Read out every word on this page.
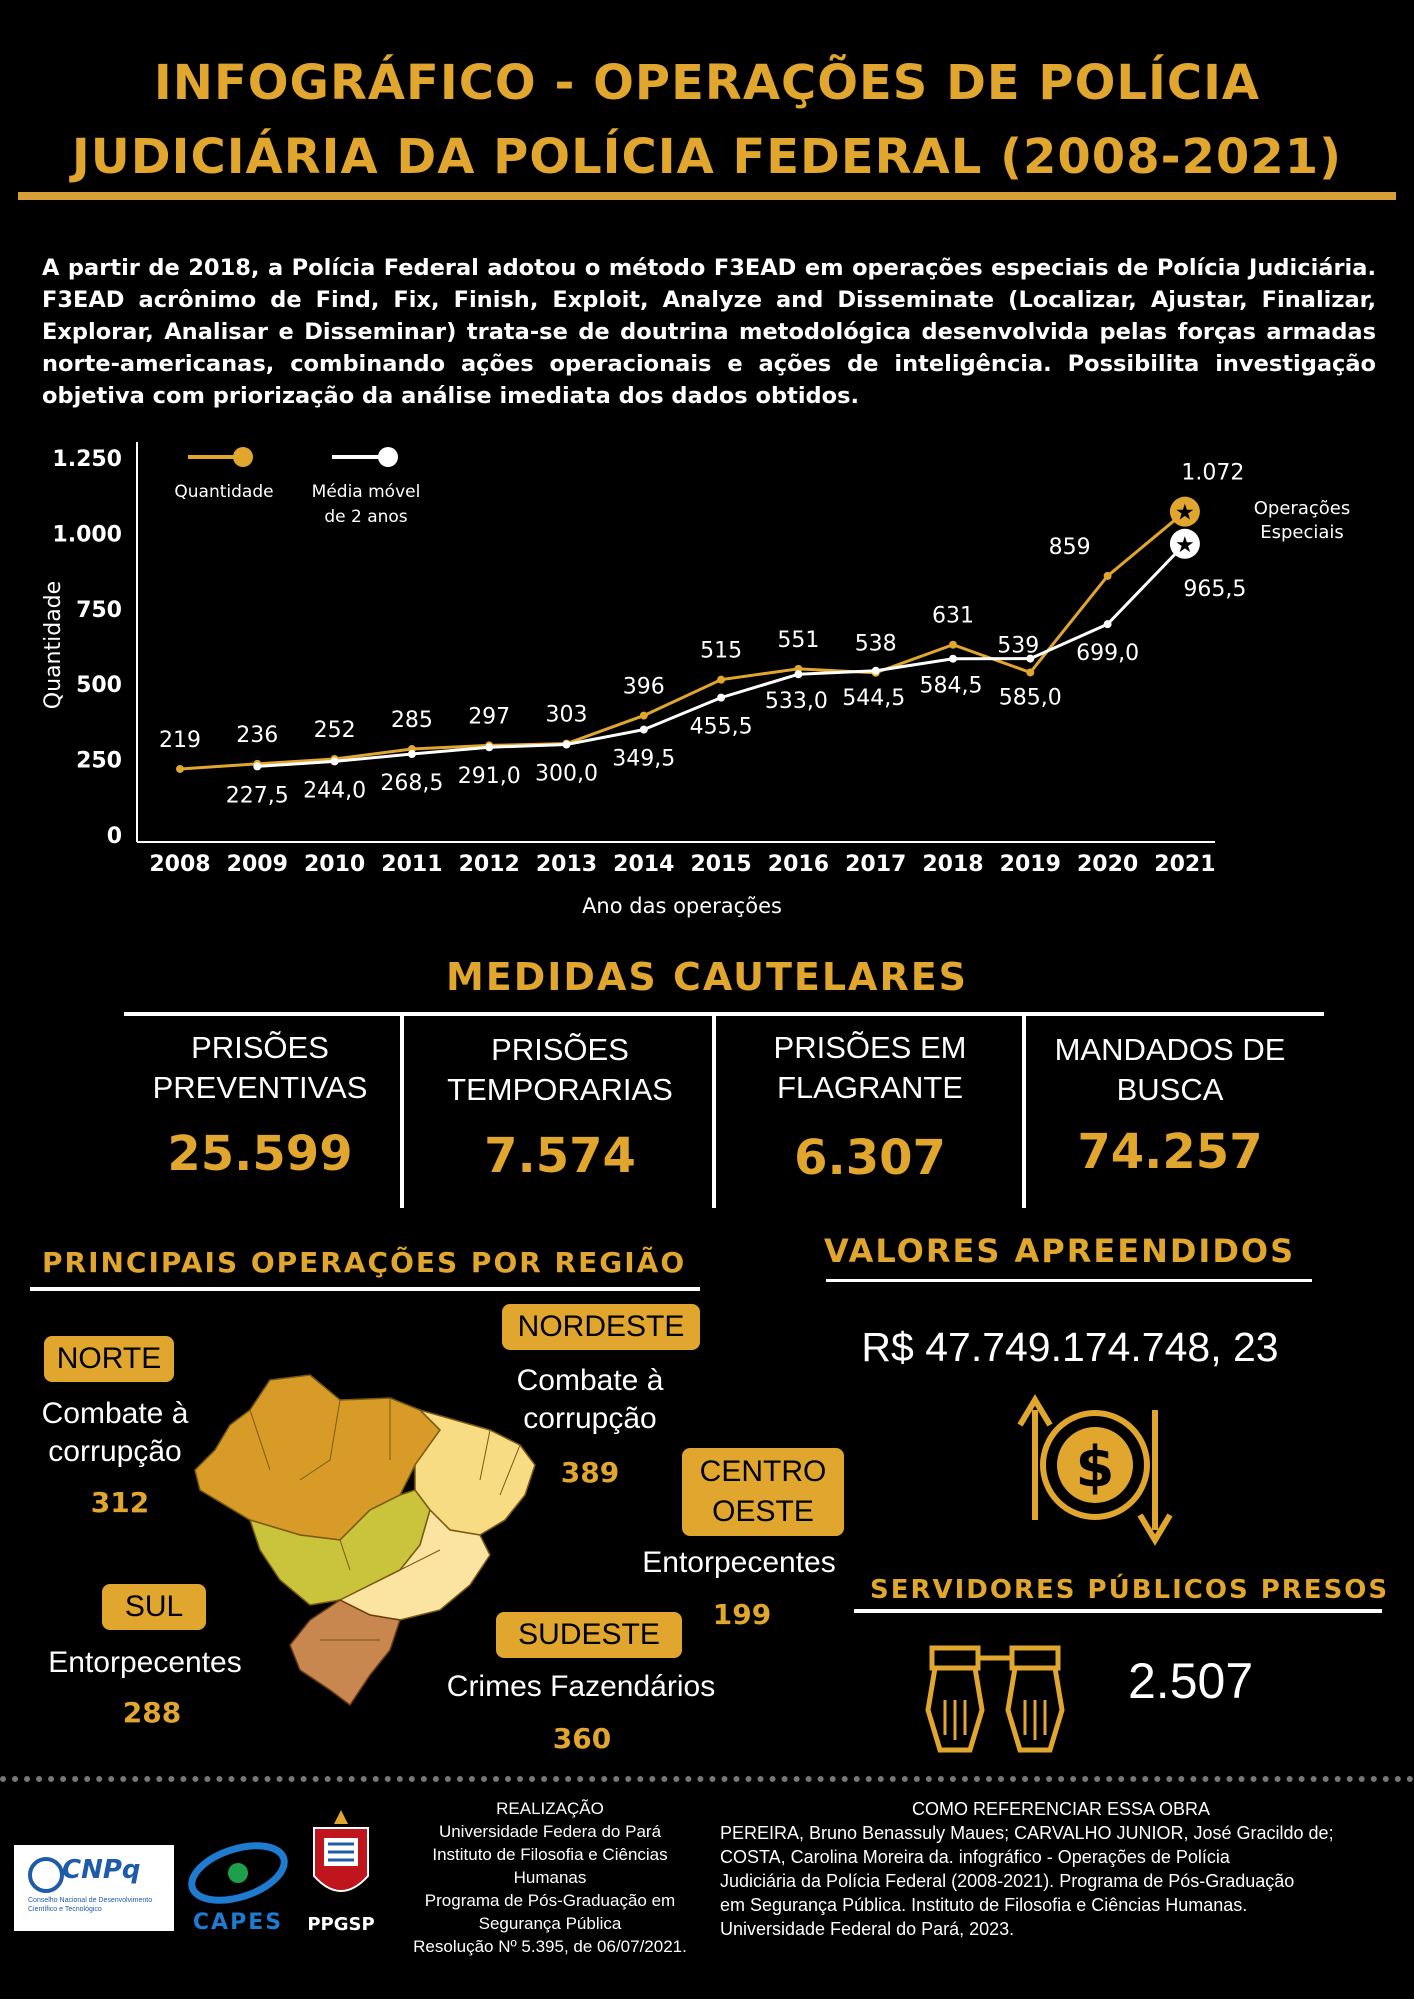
INFOGRÁFICO - OPERAÇÕES DE POLÍCIA
JUDICIÁRIA DA POLÍCIA FEDERAL (2008-2021)
A partir de 2018, a Polícia Federal adotou o método F3EAD em operações especiais de Polícia Judiciária. F3EAD acrônimo de Find, Fix, Finish, Exploit, Analyze and Disseminate (Localizar, Ajustar, Finalizar, Explorar, Analisar e Disseminar) trata-se de doutrina metodológica desenvolvida pelas forças armadas norte-americanas, combinando ações operacionais e ações de inteligência. Possibilita investigação objetiva com priorização da análise imediata dos dados obtidos.
0
250
500
750
1.000
1.250
2008 2009 2010 2011 2012 2013 2014 2015 2016 2017 2018 2019 2020 2021
Ano das operações
Quantidade
★
★
219 236 252 285 297 303
396
515 551 538
631
539
859
1.072
227,5 244,0 268,5 291,0 300,0
349,5
455,5
533,0 544,5 584,5 585,0
699,0
965,5
Quantidade Média móvel
de 2 anos	Operações
Especiais
MEDIDAS CAUTELARES
PRISÕES
PREVENTIVAS
25.599
PRISÕES
TEMPORARIAS
7.574
PRISÕES EM
FLAGRANTE
6.307
MANDADOS DE
BUSCA
74.257
PRINCIPAIS OPERAÇÕES POR REGIÃO
NORTE
Combate à
corrupção
312
NORDESTE
Combate à
corrupção
389	CENTRO
OESTE
Entorpecentes
199
SUL
Entorpecentes
288
SUDESTE
Crimes Fazendários
360
VALORES APREENDIDOS
R$ 47.749.174.748, 23
$
SERVIDORES PÚBLICOS PRESOS
2.507
CNPq
Conselho Nacional de Desenvolvimento
Científico e Tecnológico
CAPES	PPGSP
REALIZAÇÃO
Universidade Federa do Pará
Instituto de Filosofia e Ciências
Humanas
Programa de Pós-Graduação em
Segurança Pública
Resolução Nº 5.395, de 06/07/2021.
COMO REFERENCIAR ESSA OBRA
PEREIRA, Bruno Benassuly Maues; CARVALHO JUNIOR, José Gracildo de;
COSTA, Carolina Moreira da. infográfico - Operações de Polícia
Judiciária da Polícia Federal (2008-2021). Programa de Pós-Graduação
em Segurança Pública. Instituto de Filosofia e Ciências Humanas.
Universidade Federal do Pará, 2023.
